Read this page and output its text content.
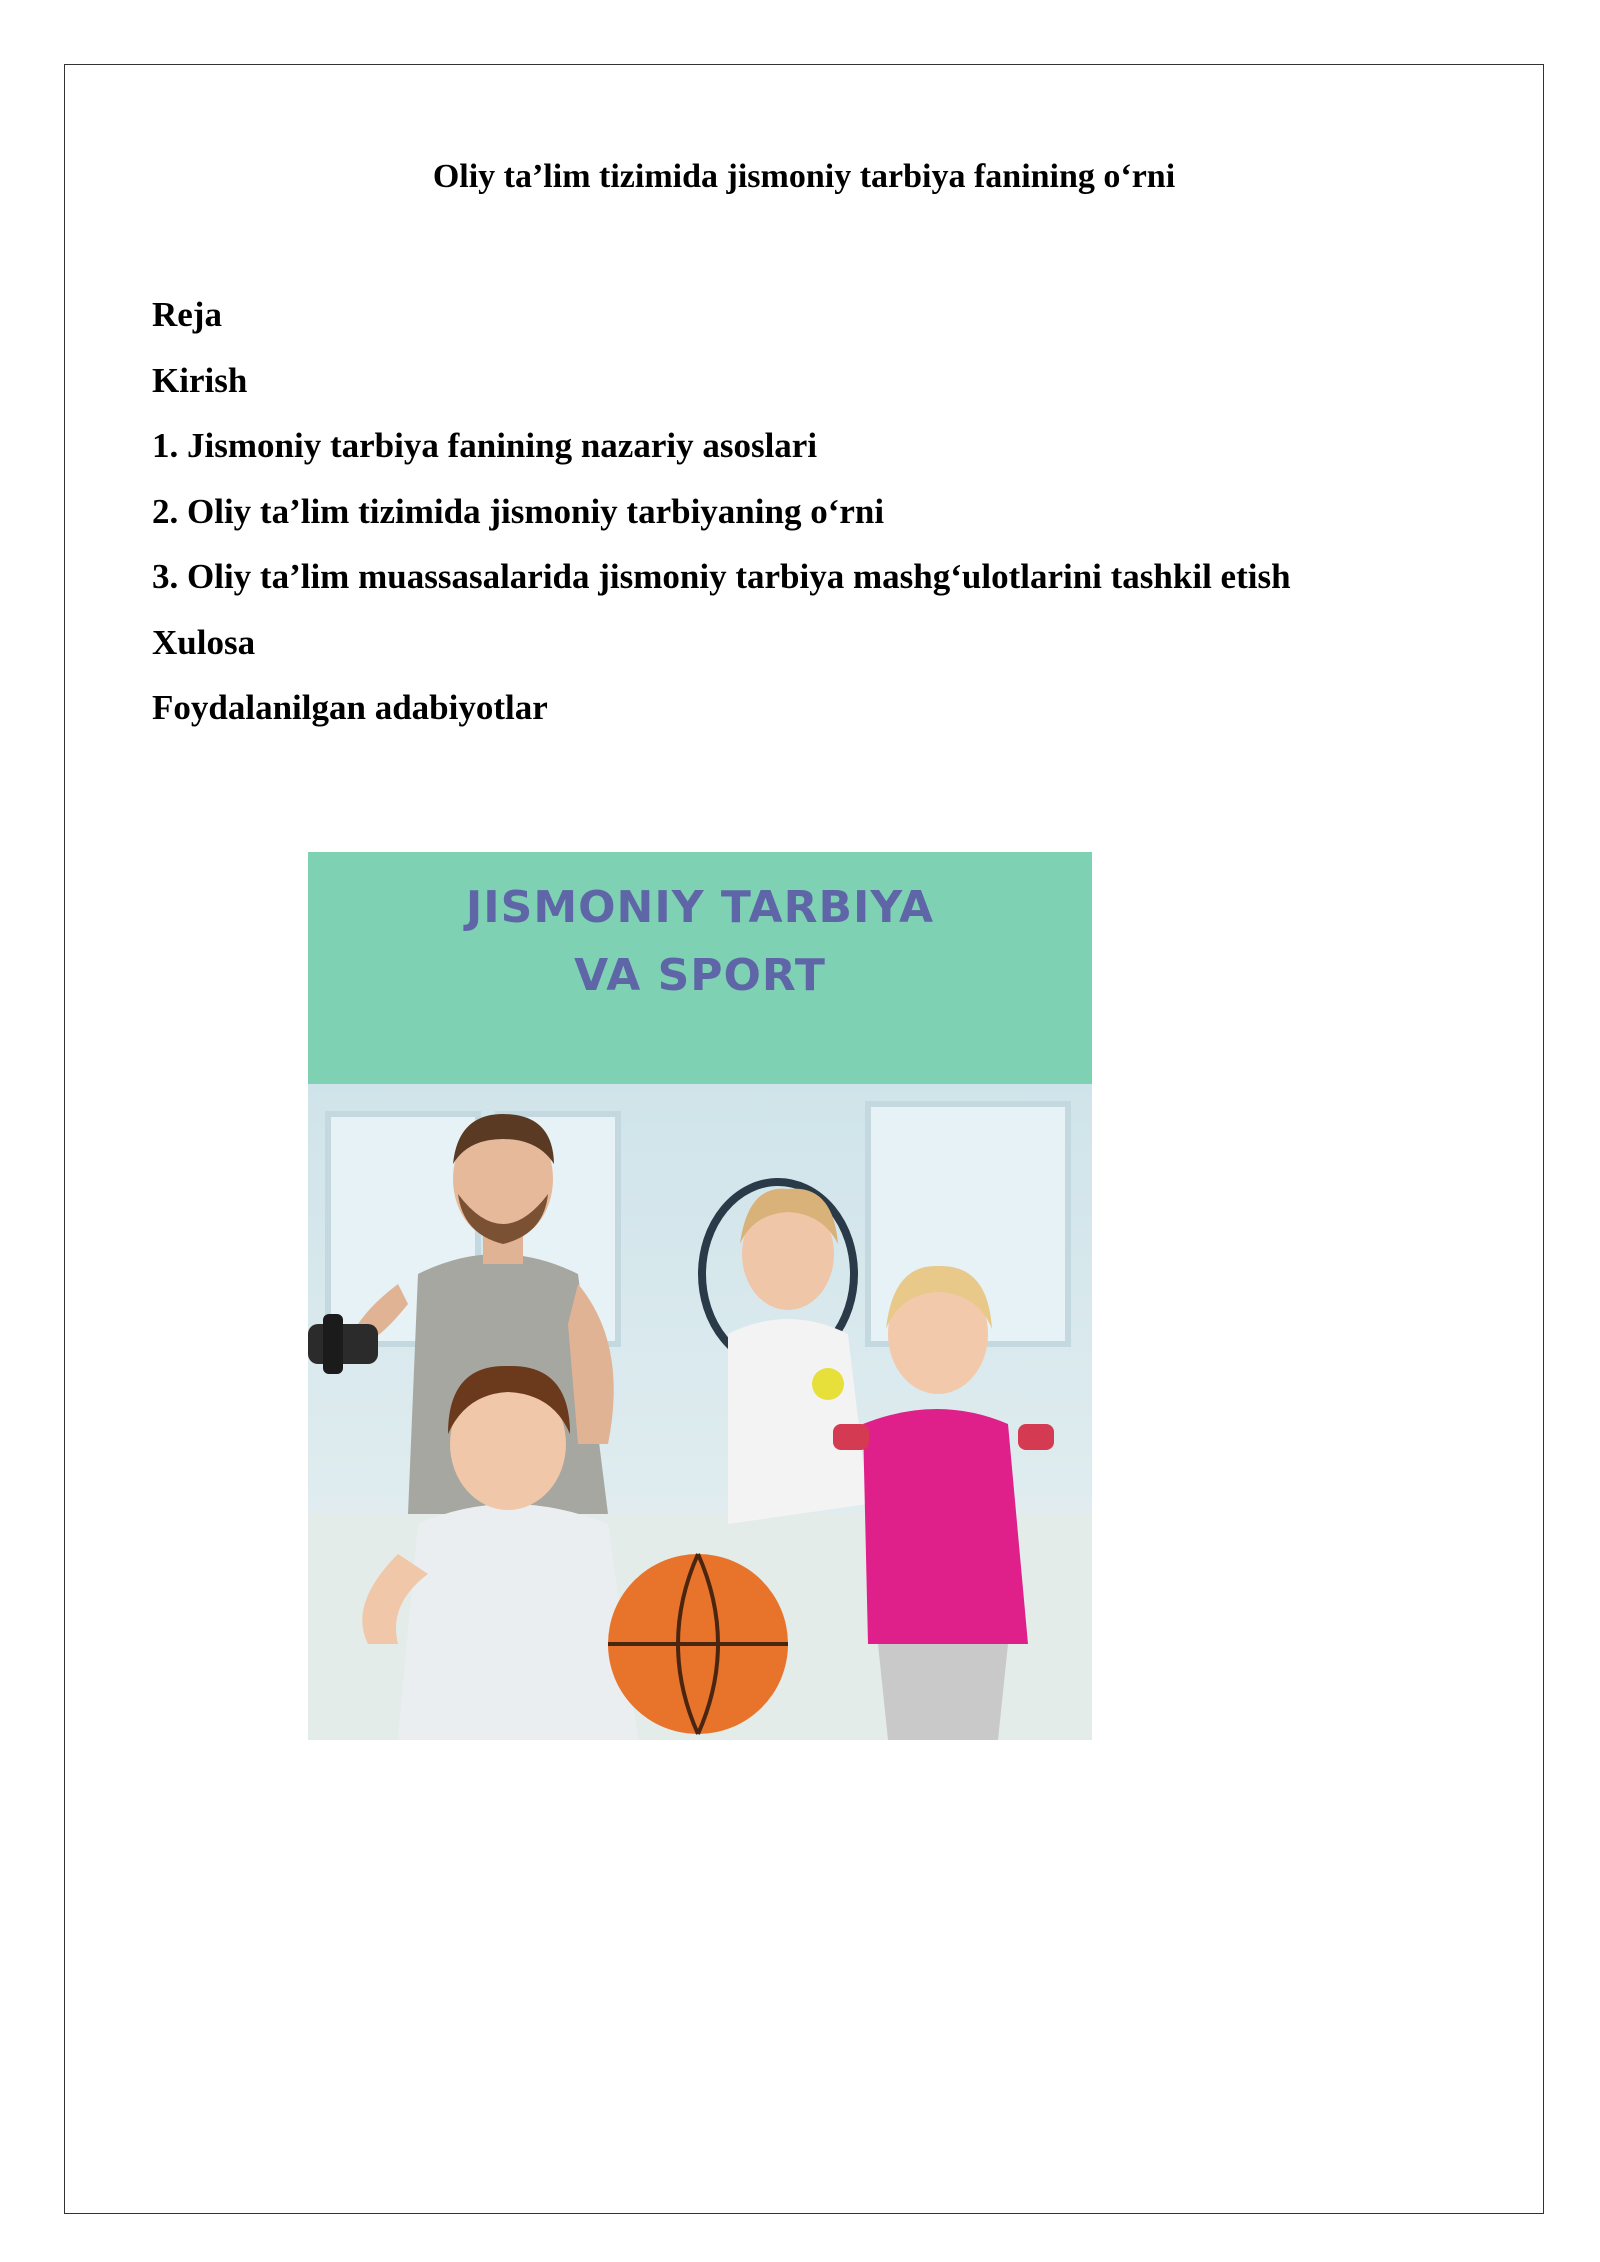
Oliy ta’lim tizimida jismoniy tarbiya fanining o‘rni
Reja
Kirish
1. Jismoniy tarbiya fanining nazariy asoslari
2. Oliy ta’lim tizimida jismoniy tarbiyaning o‘rni
3. Oliy ta’lim muassasalarida jismoniy tarbiya mashg‘ulotlarini tashkil etish
Xulosa
Foydalanilgan adabiyotlar
JISMONIY TARBIYA
VA SPORT
